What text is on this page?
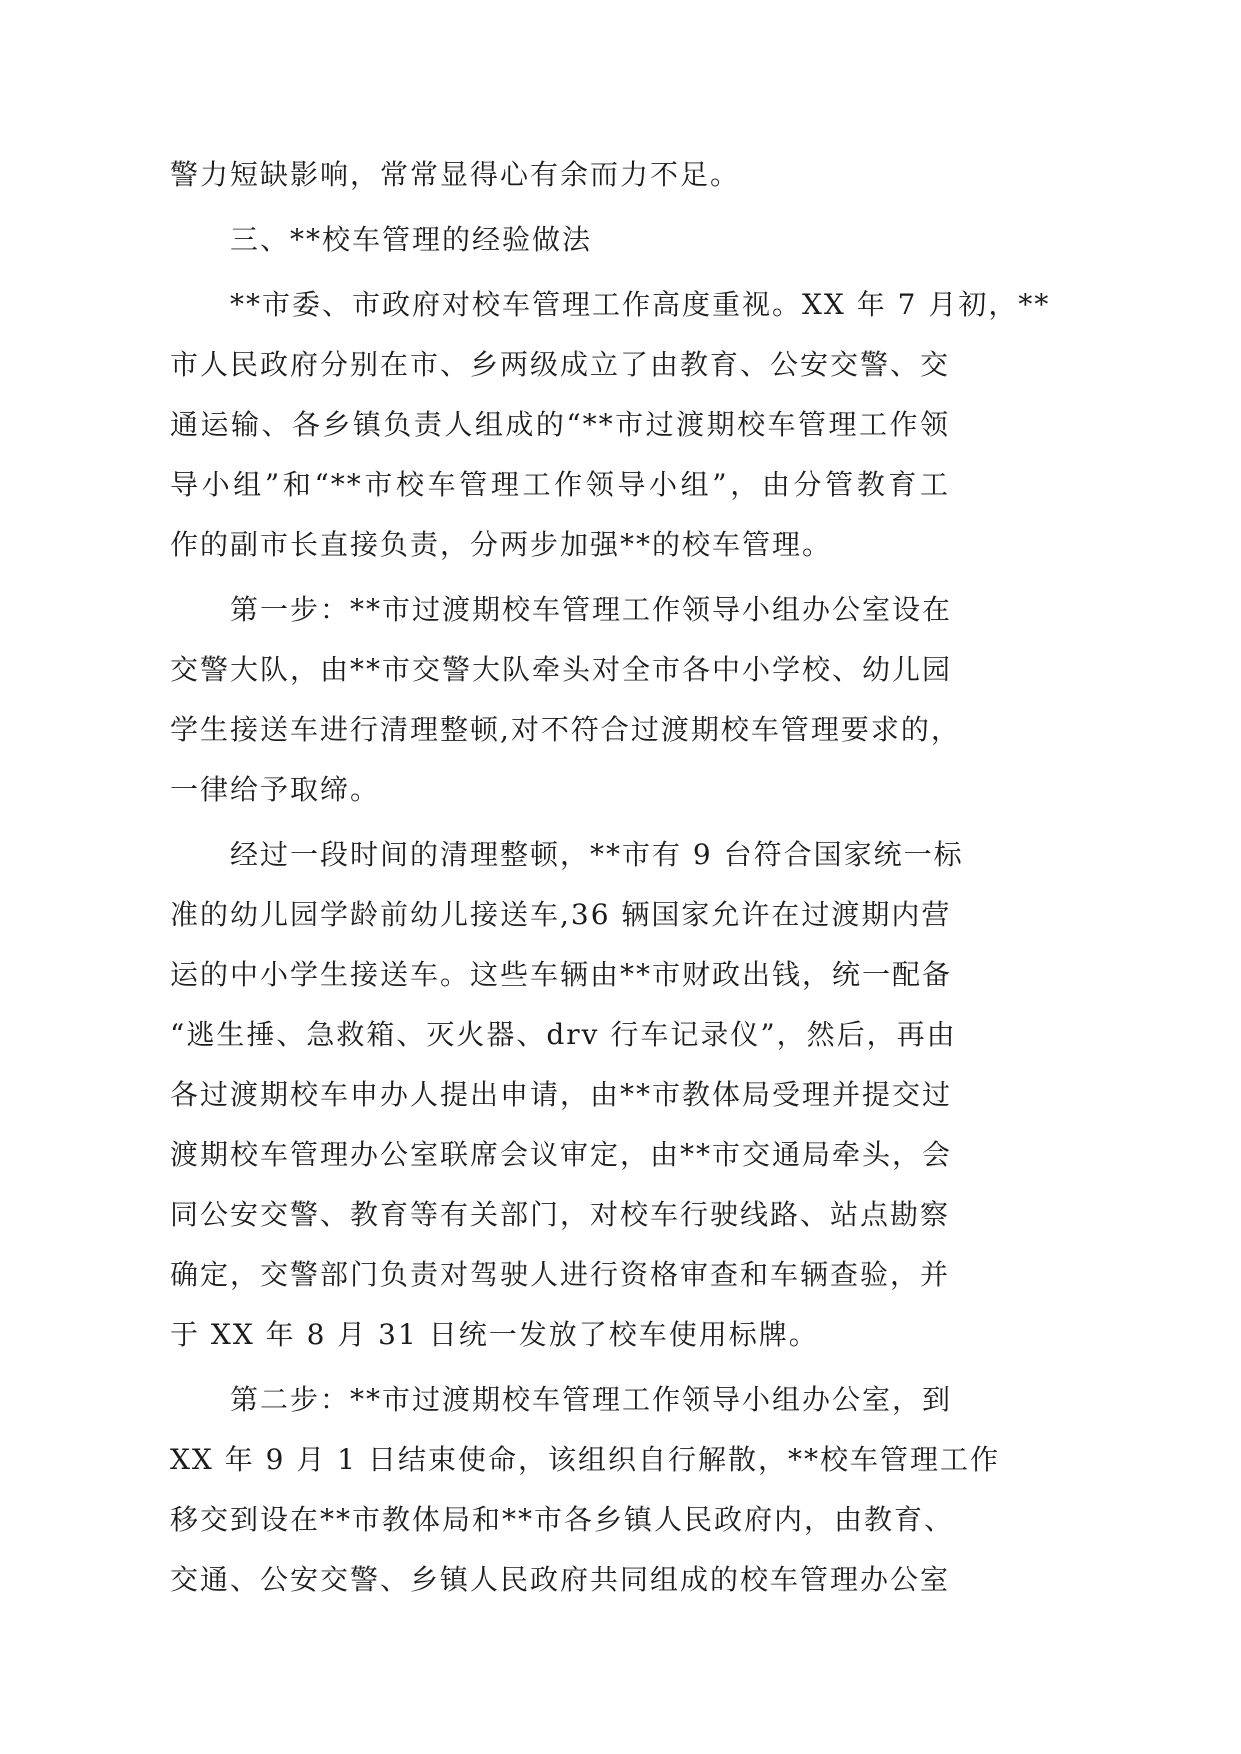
警力短缺影响，常常显得心有余而力不足。
三、**校车管理的经验做法
**市委、市政府对校车管理工作高度重视。XX 年 7 月初，**
市人民政府分别在市、乡两级成立了由教育、公安交警、交
通运输、各乡镇负责人组成的“**市过渡期校车管理工作领
导小组”和“**市校车管理工作领导小组”，由分管教育工
作的副市长直接负责，分两步加强**的校车管理。
第一步：**市过渡期校车管理工作领导小组办公室设在
交警大队，由**市交警大队牵头对全市各中小学校、幼儿园
学生接送车进行清理整顿,对不符合过渡期校车管理要求的，
一律给予取缔。
经过一段时间的清理整顿，**市有 9 台符合国家统一标
准的幼儿园学龄前幼儿接送车,36 辆国家允许在过渡期内营
运的中小学生接送车。这些车辆由**市财政出钱，统一配备
“逃生捶、急救箱、灭火器、drv 行车记录仪”，然后，再由
各过渡期校车申办人提出申请，由**市教体局受理并提交过
渡期校车管理办公室联席会议审定，由**市交通局牵头，会
同公安交警、教育等有关部门，对校车行驶线路、站点勘察
确定，交警部门负责对驾驶人进行资格审查和车辆查验，并
于 XX 年 8 月 31 日统一发放了校车使用标牌。
第二步：**市过渡期校车管理工作领导小组办公室，到
XX 年 9 月 1 日结束使命，该组织自行解散，**校车管理工作
移交到设在**市教体局和**市各乡镇人民政府内，由教育、
交通、公安交警、乡镇人民政府共同组成的校车管理办公室
